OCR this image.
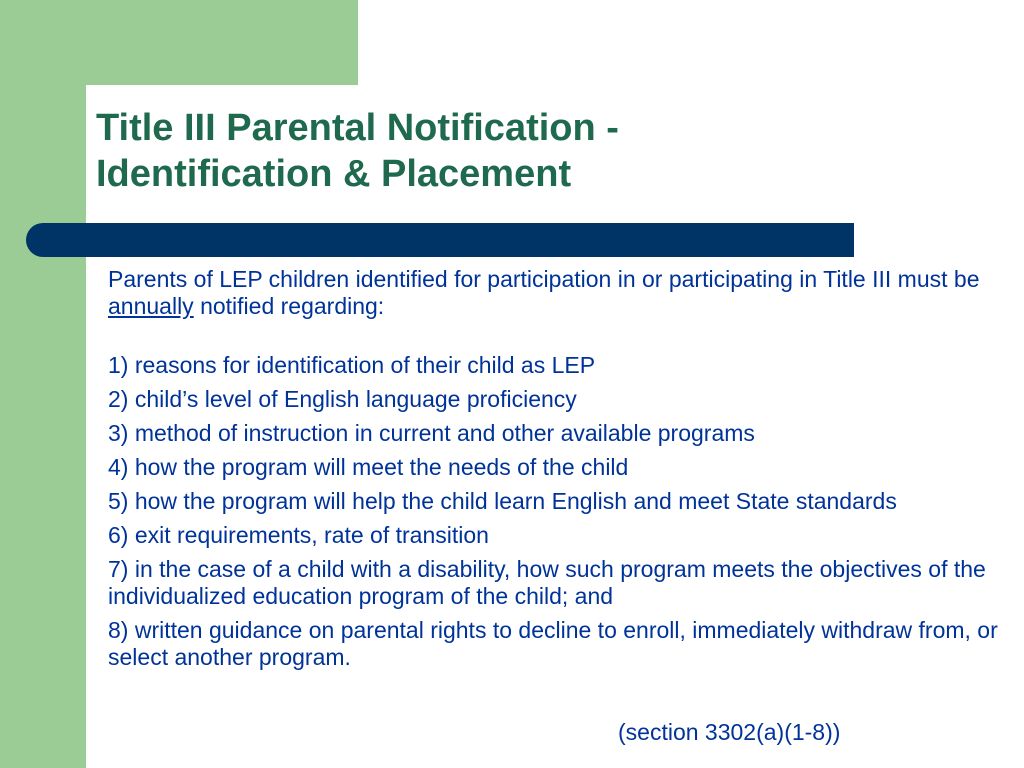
Title III Parental Notification -
Identification & Placement

Parents of LEP children identified for participation in or participating in Title III must be annually notified regarding:

1) reasons for identification of their child as LEP
2) child’s level of English language proficiency
3) method of instruction in current and other available programs
4) how the program will meet the needs of the child
5) how the program will help the child learn English and meet State standards
6) exit requirements, rate of transition
7) in the case of a child with a disability, how such program meets the objectives of the individualized education program of the child; and
8) written guidance on parental rights to decline to enroll, immediately withdraw from, or select another program.
(section 3302(a)(1-8))
